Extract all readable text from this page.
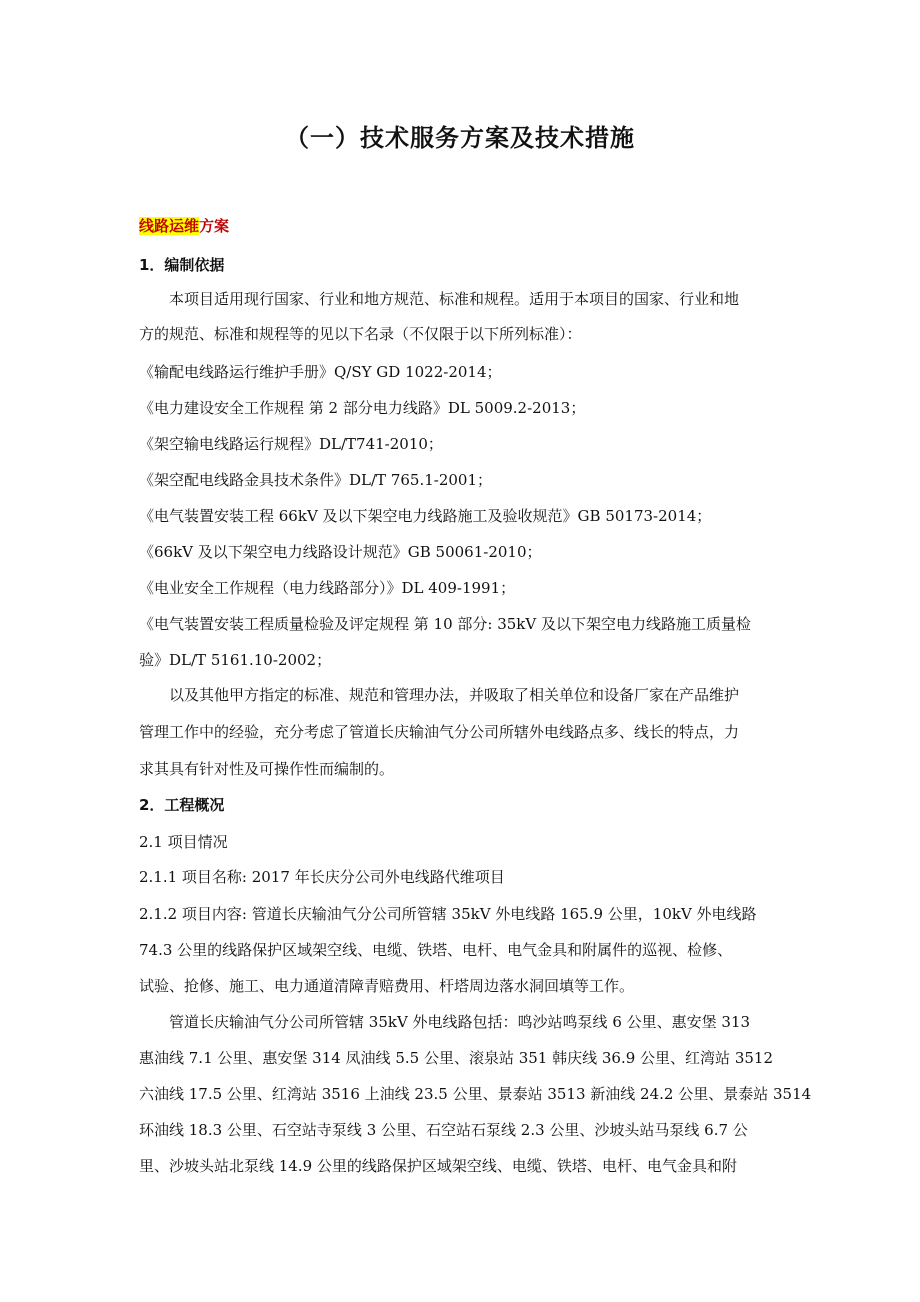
（一）技术服务方案及技术措施
线路运维方案
1．编制依据
本项目适用现行国家、行业和地方规范、标准和规程。适用于本项目的国家、行业和地
方的规范、标准和规程等的见以下名录（不仅限于以下所列标准）：
《输配电线路运行维护手册》Q/SY GD 1022-2014；
《电力建设安全工作规程 第 2 部分电力线路》DL 5009.2-2013；
《架空输电线路运行规程》DL/T741-2010；
《架空配电线路金具技术条件》DL/T 765.1-2001；
《电气装置安装工程 66kV 及以下架空电力线路施工及验收规范》GB 50173-2014；
《66kV 及以下架空电力线路设计规范》GB 50061-2010；
《电业安全工作规程（电力线路部分）》DL 409-1991；
《电气装置安装工程质量检验及评定规程 第 10 部分: 35kV 及以下架空电力线路施工质量检
验》DL/T 5161.10-2002；
以及其他甲方指定的标准、规范和管理办法，并吸取了相关单位和设备厂家在产品维护
管理工作中的经验，充分考虑了管道长庆输油气分公司所辖外电线路点多、线长的特点，力
求其具有针对性及可操作性而编制的。
2．工程概况
2.1 项目情况
2.1.1 项目名称: 2017 年长庆分公司外电线路代维项目
2.1.2 项目内容: 管道长庆输油气分公司所管辖 35kV 外电线路 165.9 公里，10kV 外电线路
74.3 公里的线路保护区域架空线、电缆、铁塔、电杆、电气金具和附属件的巡视、检修、
试验、抢修、施工、电力通道清障青赔费用、杆塔周边落水洞回填等工作。
管道长庆输油气分公司所管辖 35kV 外电线路包括：鸣沙站鸣泵线 6 公里、惠安堡 313
惠油线 7.1 公里、惠安堡 314 凤油线 5.5 公里、滚泉站 351 韩庆线 36.9 公里、红湾站 3512
六油线 17.5 公里、红湾站 3516 上油线 23.5 公里、景泰站 3513 新油线 24.2 公里、景泰站 3514
环油线 18.3 公里、石空站寺泵线 3 公里、石空站石泵线 2.3 公里、沙坡头站马泵线 6.7 公
里、沙坡头站北泵线 14.9 公里的线路保护区域架空线、电缆、铁塔、电杆、电气金具和附
